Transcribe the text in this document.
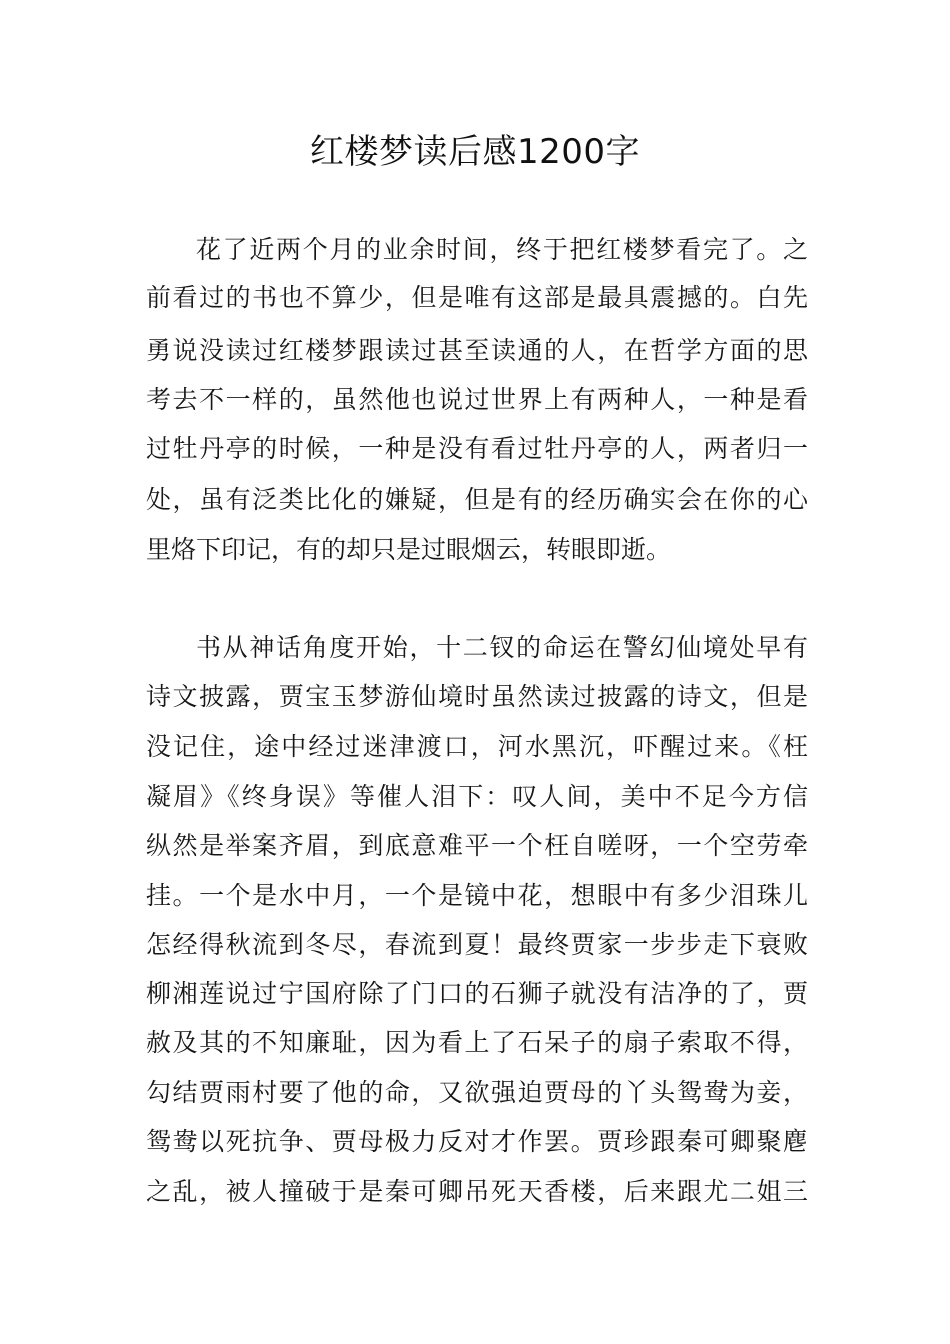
红楼梦读后感1200字
花了近两个月的业余时间，终于把红楼梦看完了。之
前看过的书也不算少，但是唯有这部是最具震撼的。白先
勇说没读过红楼梦跟读过甚至读通的人，在哲学方面的思
考去不一样的，虽然他也说过世界上有两种人，一种是看
过牡丹亭的时候，一种是没有看过牡丹亭的人，两者归一
处，虽有泛类比化的嫌疑，但是有的经历确实会在你的心
里烙下印记，有的却只是过眼烟云，转眼即逝。
书从神话角度开始，十二钗的命运在警幻仙境处早有
诗文披露，贾宝玉梦游仙境时虽然读过披露的诗文，但是
没记住，途中经过迷津渡口，河水黑沉，吓醒过来。《枉
凝眉》《终身误》等催人泪下：叹人间，美中不足今方信
纵然是举案齐眉，到底意难平一个枉自嗟呀，一个空劳牵
挂。一个是水中月，一个是镜中花，想眼中有多少泪珠儿
怎经得秋流到冬尽，春流到夏！最终贾家一步步走下衰败
柳湘莲说过宁国府除了门口的石狮子就没有洁净的了，贾
赦及其的不知廉耻，因为看上了石呆子的扇子索取不得，
勾结贾雨村要了他的命，又欲强迫贾母的丫头鸳鸯为妾，
鸳鸯以死抗争、贾母极力反对才作罢。贾珍跟秦可卿聚麀
之乱，被人撞破于是秦可卿吊死天香楼，后来跟尤二姐三
